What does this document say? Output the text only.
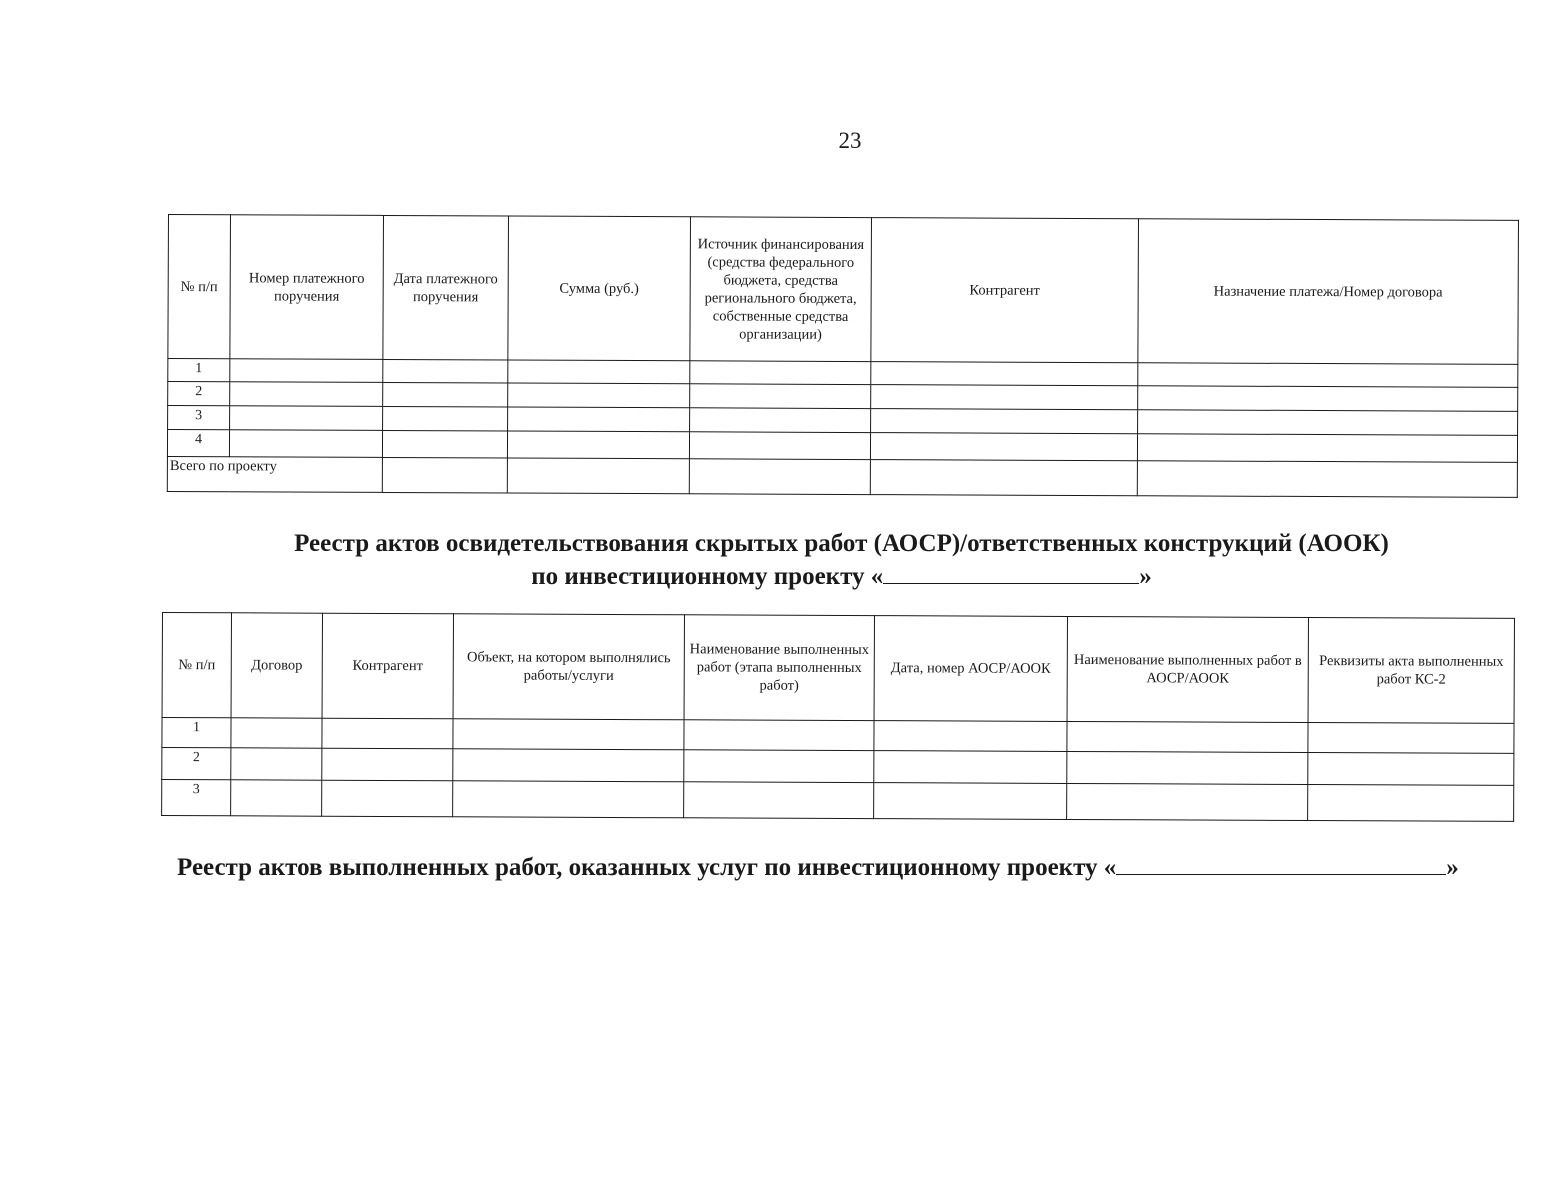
23
№ п/п	Номер платежного поручения	Дата платежного поручения	Сумма (руб.)	Источник финансирования (средства федерального бюджета, средства регионального бюджета, собственные средства организации)	Контрагент	Назначение платежа/Номер договора
1						
2						
3						
4						
Всего по проекту						
Реестр актов освидетельствования скрытых работ (АОСР)/ответственных конструкций (АООК)
по инвестиционному проекту «	»
№ п/п	Договор	Контрагент	Объект, на котором выполнялись работы/услуги	Наименование выполненных работ (этапа выполненных работ)	Дата, номер АОСР/АООК	Наименование выполненных работ в АОСР/АООК	Реквизиты акта выполненных работ КС-2
1							
2							
3							
Реестр актов выполненных работ, оказанных услуг по инвестиционному проекту «	»
